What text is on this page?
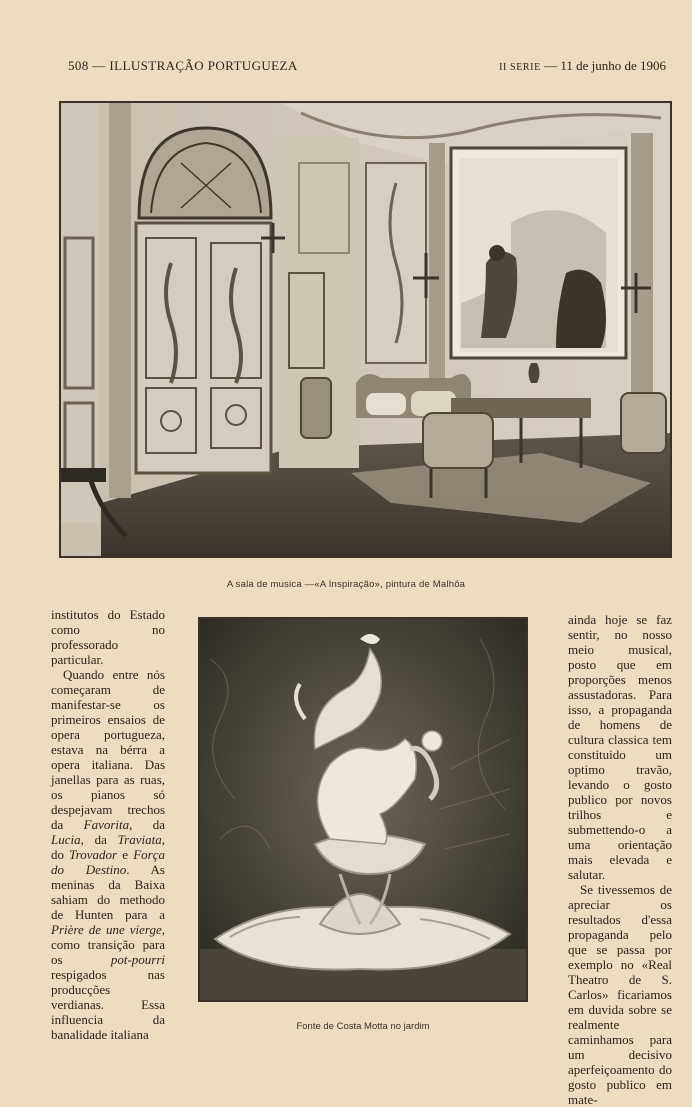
508 — ILLUSTRAÇÃO PORTUGUEZA	II SERIE — 11 de junho de 1906
A sala de musica —«A Inspiração», pintura de Malhôa

institutos do Estado como no professorado particular.

Quando entre nós começaram de manifestar-se os primeiros ensaios de opera portugueza, estava na bérra a opera italiana. Das janellas para as ruas, os pianos só despejavam trechos da Favorita, da Lucia, da Traviata, do Trovador e Força do Destino. As meninas da Baixa sahiam do methodo de Hunten para a Prière de une vierge, como transição para os	pot-pourri respigados nas producções verdianas. Essa influencia da banalidade italiana

Fonte de Costa Motta no jardim

ainda hoje se faz sentir, no nosso meio musical, posto que em proporções menos assustadoras. Para isso, a propaganda de homens de cultura classica tem constituido um optimo travão, levando o gosto publico por novos trilhos e submettendo-o a uma orientação mais elevada e salutar.

Se tivessemos de apreciar os resultados d'essa propaganda pelo que se passa por exemplo no «Real Theatro de S. Carlos» ficariamos em duvida sobre se realmente caminhamos para um decisivo aperfeiçoamento do gosto publico em mate-
